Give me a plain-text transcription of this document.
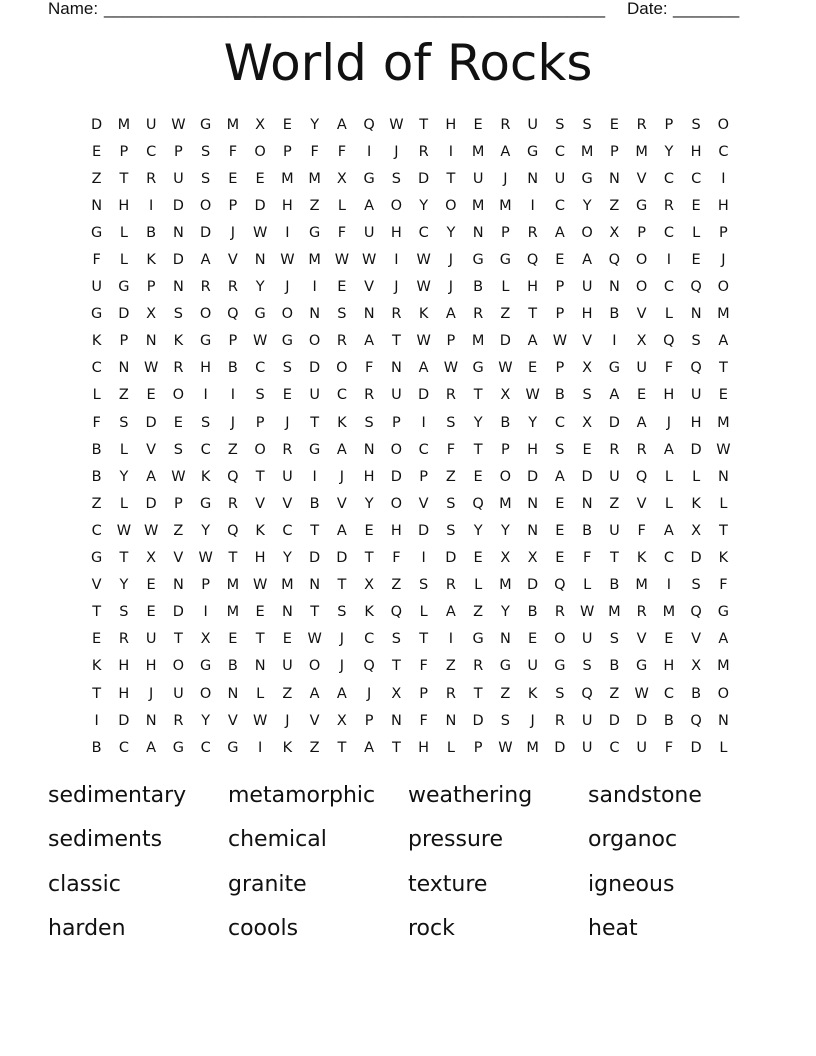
Name: _____________________________________________________ Date: _______
World of Rocks
D	M	U	W G	M	X	E	Y	A	Q W	T	H	E	R	U	S	S	E	R	P	S	O
E	P	C	P	S	F	O	P	F	F	I	J	R	I	M	A	G	C	M	P	M	Y	H	C
Z	T	R	U	S	E	E	M	M	X	G	S	D	T	U	J	N	U	G	N	V	C	C	I
N	H	I	D	O	P	D	H	Z	L	A	O	Y	O	M	M	I	C	Y	Z	G	R	E	H
G	L	B	N	D	J	W	I	G	F	U	H	C	Y	N	P	R	A	O	X	P	C	L	P
F	L	K	D	A	V	N	W M W W	I	W	J	G	G	Q	E	A	Q	O	I	E	J
U	G	P	N	R	R	Y	J	I	E	V	J	W	J	B	L	H	P	U	N	O	C	Q	O
G	D	X	S	O	Q	G	O	N	S	N	R	K	A	R	Z	T	P	H	B	V	L	N	M
K	P	N	K	G	P	W G	O	R	A	T	W	P	M	D	A	W	V	I	X	Q	S	A
C	N	W	R	H	B	C	S	D	O	F	N	A	W G W	E	P	X	G	U	F	Q	T
L	Z	E	O	I	I	S	E	U	C	R	U	D	R	T	X	W	B	S	A	E	H	U	E
F	S	D	E	S	J	P	J	T	K	S	P	I	S	Y	B	Y	C	X	D	A	J	H	M
B	L	V	S	C	Z	O	R	G	A	N	O	C	F	T	P	H	S	E	R	R	A	D	W
B	Y	A	W	K	Q	T	U	I	J	H	D	P	Z	E	O	D	A	D	U	Q	L	L	N
Z	L	D	P	G	R	V	V	B	V	Y	O	V	S	Q	M	N	E	N	Z	V	L	K	L
C	W W	Z	Y	Q	K	C	T	A	E	H	D	S	Y	Y	N	E	B	U	F	A	X	T
G	T	X	V	W	T	H	Y	D	D	T	F	I	D	E	X	X	E	F	T	K	C	D	K
V	Y	E	N	P	M W M	N	T	X	Z	S	R	L	M	D	Q	L	B	M	I	S	F
T	S	E	D	I	M	E	N	T	S	K	Q	L	A	Z	Y	B	R	W M	R	M	Q	G
E	R	U	T	X	E	T	E	W	J	C	S	T	I	G	N	E	O	U	S	V	E	V	A
K	H	H	O	G	B	N	U	O	J	Q	T	F	Z	R	G	U	G	S	B	G	H	X	M
T	H	J	U	O	N	L	Z	A	A	J	X	P	R	T	Z	K	S	Q	Z	W	C	B	O
I	D	N	R	Y	V	W	J	V	X	P	N	F	N	D	S	J	R	U	D	D	B	Q	N
B	C	A	G	C	G	I	K	Z	T	A	T	H	L	P	W M	D	U	C	U	F	D	L
sedimentary	metamorphic	weathering	sandstone
sediments	chemical	pressure	organoc
classic	granite	texture	igneous
harden	coools	rock	heat
